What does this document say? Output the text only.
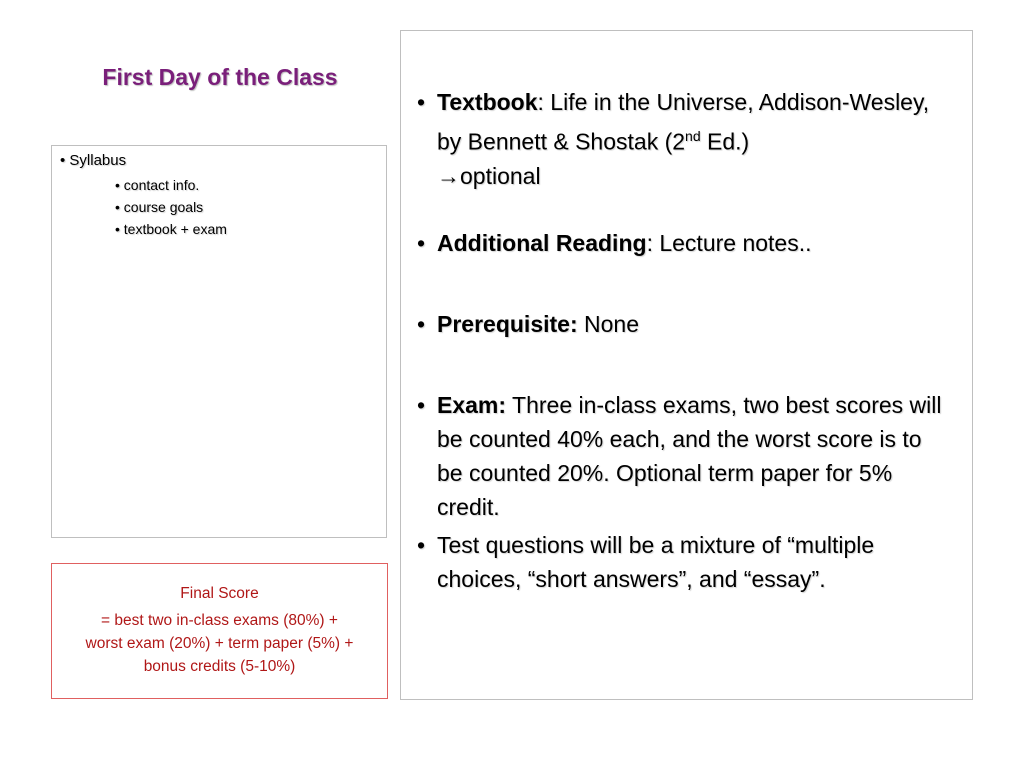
First Day of the Class
• Syllabus
• contact info.
• course goals
• textbook + exam
Final Score
= best two in-class exams (80%) +
worst exam (20%) + term paper (5%) +
bonus credits (5-10%)
• Textbook: Life in the Universe, Addison-Wesley, by Bennett & Shostak (2nd Ed.)
→optional
• Additional Reading: Lecture notes..
• Prerequisite: None
• Exam: Three in-class exams, two best scores will be counted 40% each, and the worst score is to be counted 20%. Optional term paper for 5% credit.
• Test questions will be a mixture of “multiple choices, “short answers”, and “essay”.
